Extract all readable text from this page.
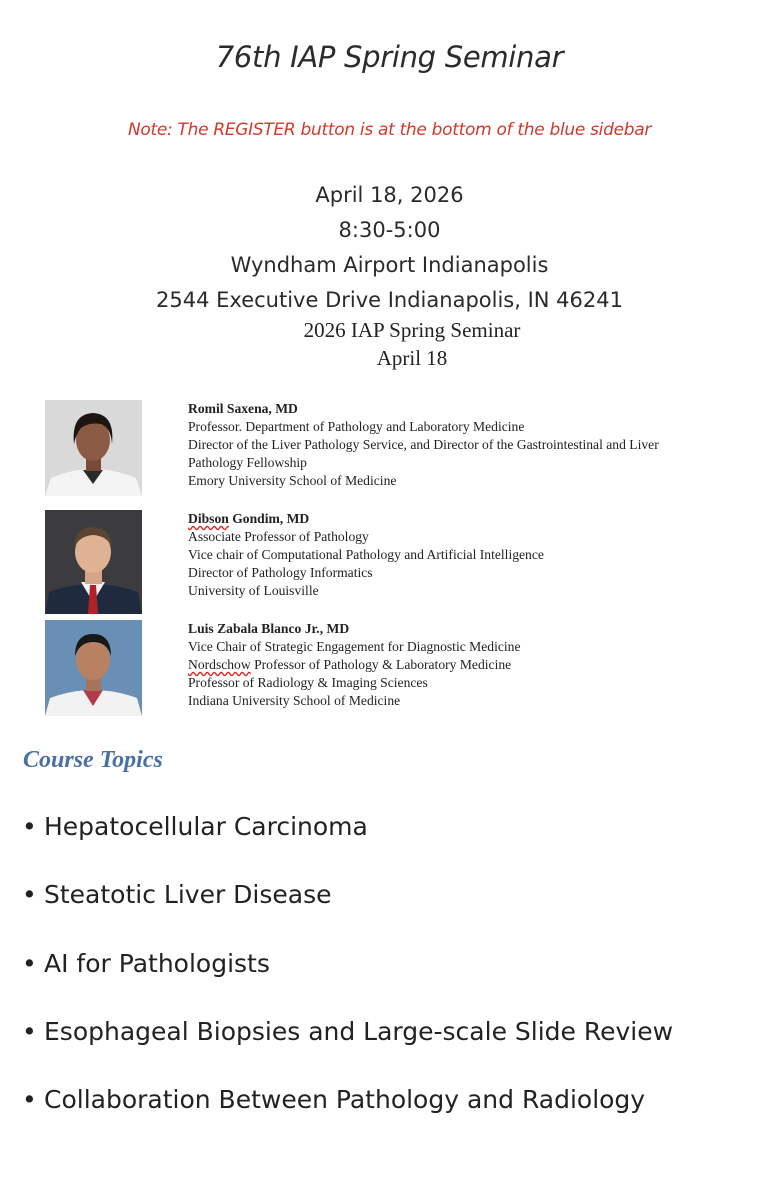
76th IAP Spring Seminar
Note: The REGISTER button is at the bottom of the blue sidebar
April 18, 2026
8:30-5:00
Wyndham Airport Indianapolis
2544 Executive Drive Indianapolis, IN 46241
2026 IAP Spring Seminar
April 18
Romil Saxena, MD
Professor. Department of Pathology and Laboratory Medicine
Director of the Liver Pathology Service, and Director of the Gastrointestinal and Liver
Pathology Fellowship
Emory University School of Medicine
Dibson Gondim, MD
Associate Professor of Pathology
Vice chair of Computational Pathology and Artificial Intelligence
Director of Pathology Informatics
University of Louisville
Luis Zabala Blanco Jr., MD
Vice Chair of Strategic Engagement for Diagnostic Medicine
Nordschow Professor of Pathology & Laboratory Medicine
Professor of Radiology & Imaging Sciences
Indiana University School of Medicine
Course Topics
• Hepatocellular Carcinoma
• Steatotic Liver Disease
• AI for Pathologists
• Esophageal Biopsies and Large-scale Slide Review
• Collaboration Between Pathology and Radiology
